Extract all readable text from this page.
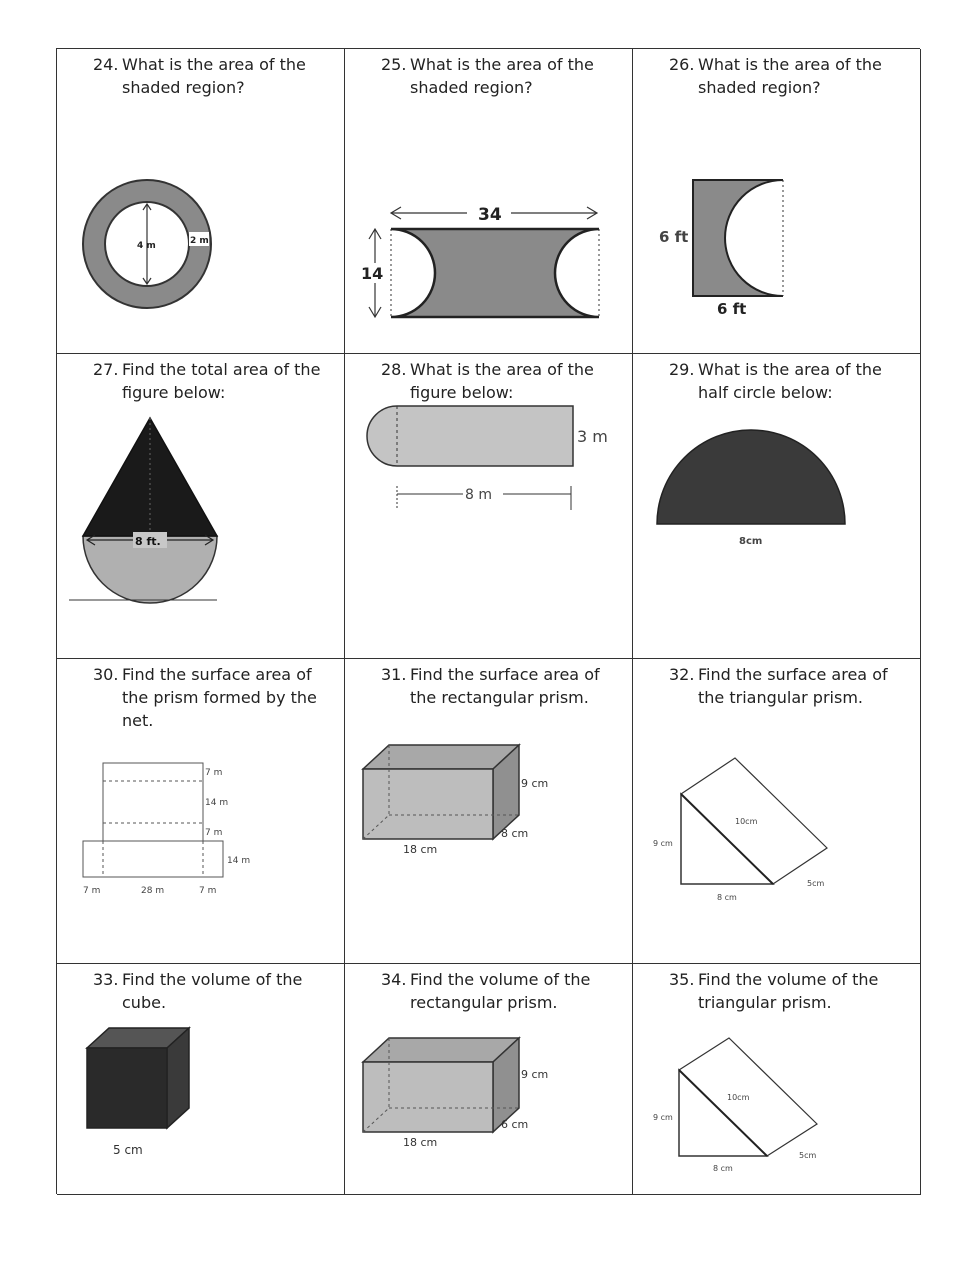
24. What is the area of the shaded region?
4 m	2 m
25. What is the area of the shaded region?
34
14
26. What is the area of the shaded region?
6 ft
6 ft
27. Find the total area of the figure below:
8 ft.
28. What is the area of the figure below:
3 m
8 m
29. What is the area of the half circle below:
8cm
30. Find the surface area of the prism formed by the net.
7 m
14 m
7 m
14 m
7 m	28 m	7 m
31. Find the surface area of the rectangular prism.
9 cm
8 cm
18 cm
32. Find the surface area of the triangular prism.
10cm
9 cm
8 cm
5cm
33. Find the volume of the cube.
5 cm
34. Find the volume of the rectangular prism.
9 cm
6 cm
18 cm
35. Find the volume of the triangular prism.
10cm
9 cm
8 cm
5cm
